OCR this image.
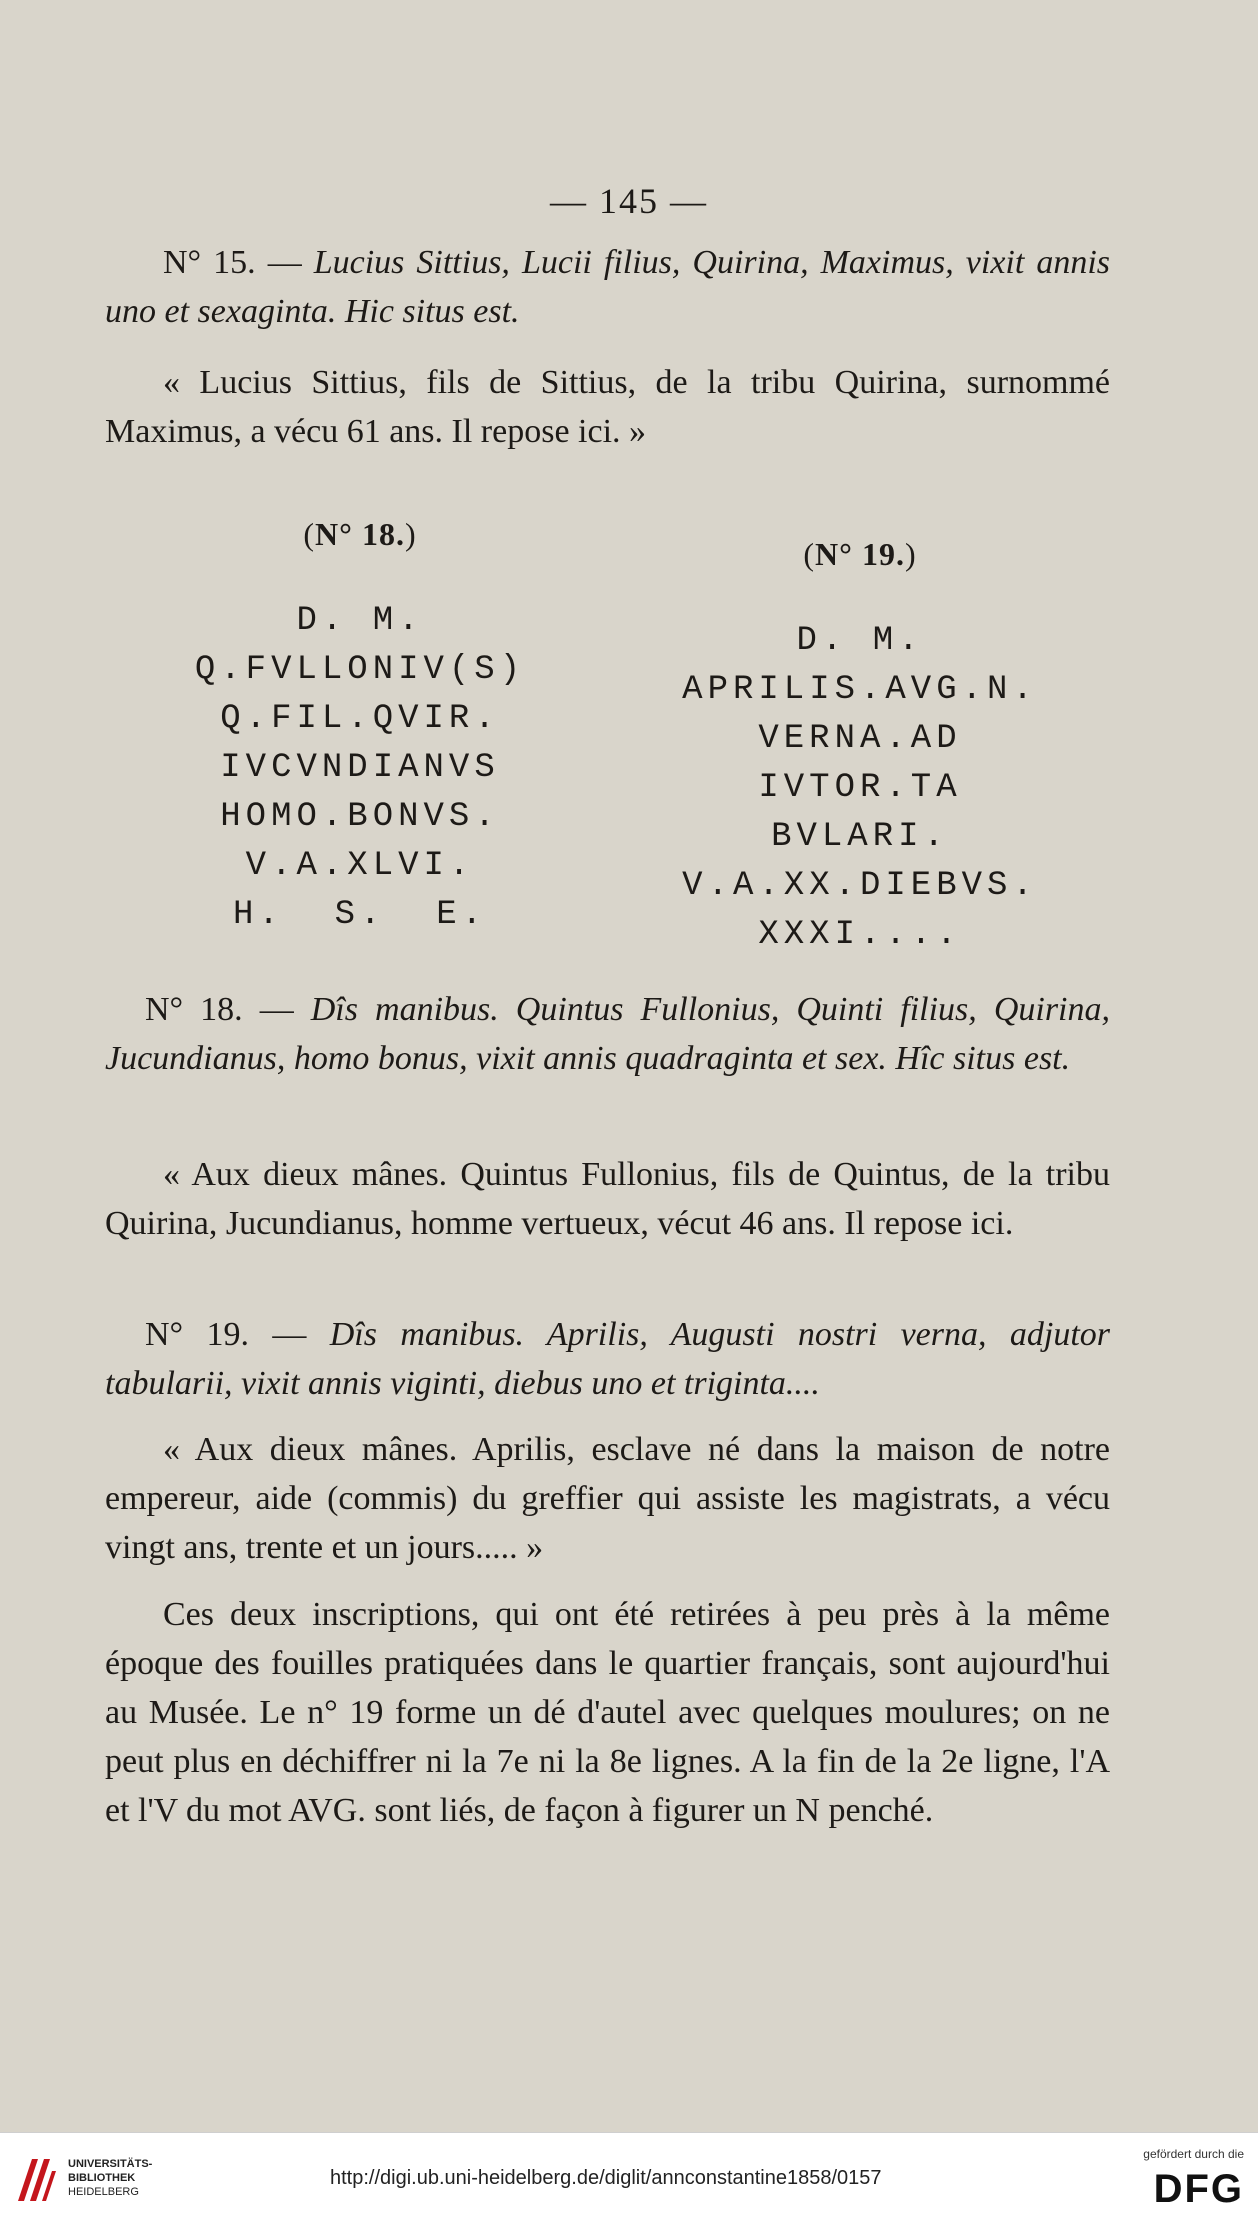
— 145 —

N° 15. — Lucius Sittius, Lucii filius, Quirina, Maximus, vixit annis uno et sexaginta. Hic situs est.

« Lucius Sittius, fils de Sittius, de la tribu Quirina, surnommé Maximus, a vécu 61 ans. Il repose ici. »

(N° 18.)
D. M.
Q.FVLLONIV(S)
Q.FIL.QVIR.
IVCVNDIANVS
HOMO.BONVS.
V.A.XLVI.
H.  S.  E.
(N° 19.)
D. M.
APRILIS.AVG.N.
VERNA.AD
IVTOR.TA
BVLARI.
V.A.XX.DIEBVS.
XXXI....

N° 18. — Dîs manibus. Quintus Fullonius, Quinti filius, Quirina, Jucundianus, homo bonus, vixit annis quadraginta et sex. Hîc situs est.

« Aux dieux mânes. Quintus Fullonius, fils de Quintus, de la tribu Quirina, Jucundianus, homme vertueux, vécut 46 ans. Il repose ici.

N° 19. — Dîs manibus. Aprilis, Augusti nostri verna, adjutor tabularii, vixit annis viginti, diebus uno et triginta....

« Aux dieux mânes. Aprilis, esclave né dans la maison de notre empereur, aide (commis) du greffier qui assiste les magistrats, a vécu vingt ans, trente et un jours..... »

Ces deux inscriptions, qui ont été retirées à peu près à la même époque des fouilles pratiquées dans le quartier français, sont aujourd'hui au Musée. Le n° 19 forme un dé d'autel avec quelques moulures; on ne peut plus en déchiffrer ni la 7e ni la 8e lignes. A la fin de la 2e ligne, l'A et l'V du mot AVG. sont liés, de façon à figurer un N penché.

UNIVERSITÄTS-
BIBLIOTHEK
HEIDELBERG
http://digi.ub.uni-heidelberg.de/diglit/annconstantine1858/0157
gefördert durch die
DFG
